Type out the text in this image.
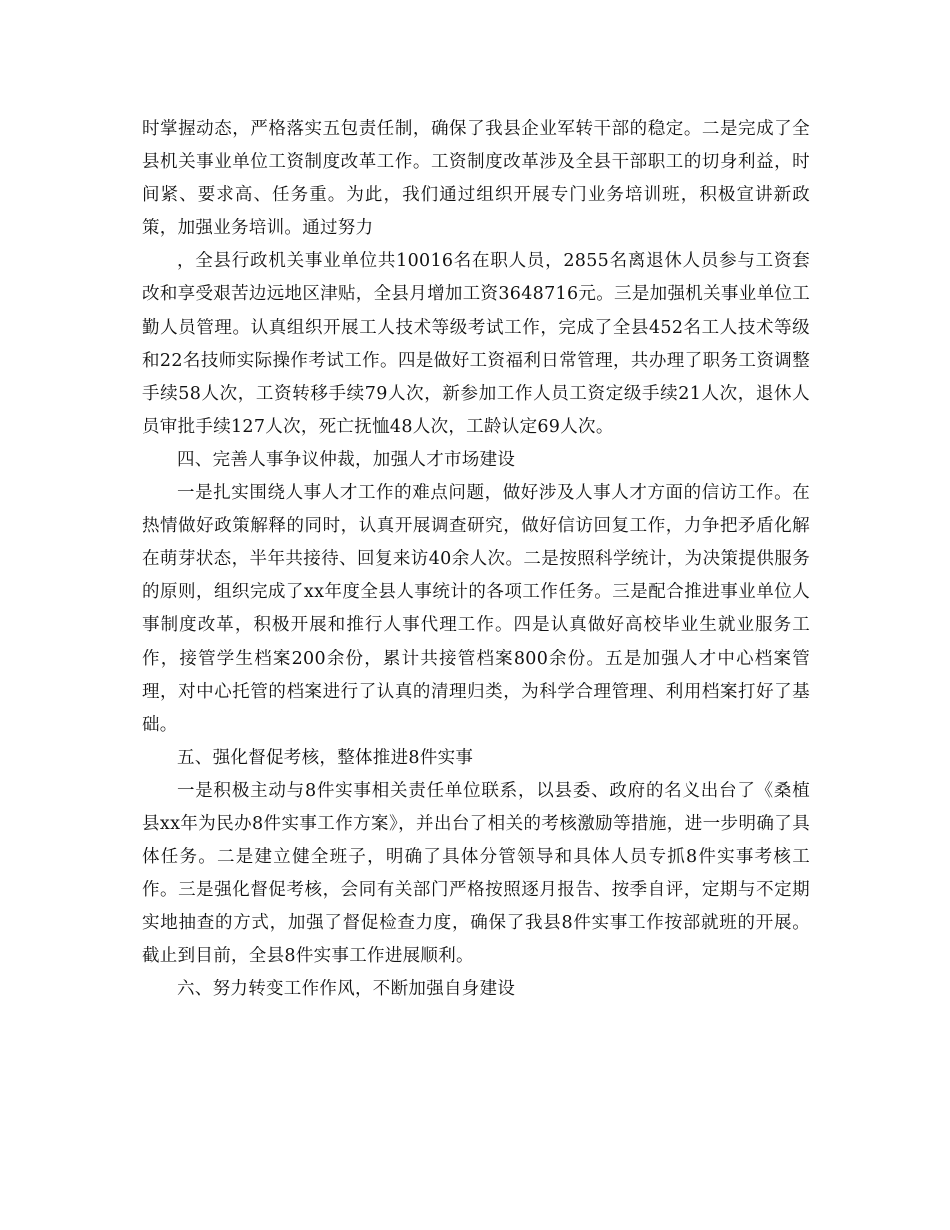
时掌握动态，严格落实五包责任制，确保了我县企业军转干部的稳定。二是完成了全县机关事业单位工资制度改革工作。工资制度改革涉及全县干部职工的切身利益，时间紧、要求高、任务重。为此，我们通过组织开展专门业务培训班，积极宣讲新政策，加强业务培训。通过努力

，全县行政机关事业单位共10016名在职人员，2855名离退休人员参与工资套改和享受艰苦边远地区津贴，全县月增加工资3648716元。三是加强机关事业单位工勤人员管理。认真组织开展工人技术等级考试工作，完成了全县452名工人技术等级和22名技师实际操作考试工作。四是做好工资福利日常管理，共办理了职务工资调整手续58人次，工资转移手续79人次，新参加工作人员工资定级手续21人次，退休人员审批手续127人次，死亡抚恤48人次，工龄认定69人次。

四、完善人事争议仲裁，加强人才市场建设

一是扎实围绕人事人才工作的难点问题，做好涉及人事人才方面的信访工作。在热情做好政策解释的同时，认真开展调查研究，做好信访回复工作，力争把矛盾化解在萌芽状态，半年共接待、回复来访40余人次。二是按照科学统计，为决策提供服务的原则，组织完成了xx年度全县人事统计的各项工作任务。三是配合推进事业单位人事制度改革，积极开展和推行人事代理工作。四是认真做好高校毕业生就业服务工作，接管学生档案200余份，累计共接管档案800余份。五是加强人才中心档案管理，对中心托管的档案进行了认真的清理归类，为科学合理管理、利用档案打好了基础。

五、强化督促考核，整体推进8件实事

一是积极主动与8件实事相关责任单位联系，以县委、政府的名义出台了《桑植县xx年为民办8件实事工作方案》，并出台了相关的考核激励等措施，进一步明确了具体任务。二是建立健全班子，明确了具体分管领导和具体人员专抓8件实事考核工作。三是强化督促考核，会同有关部门严格按照逐月报告、按季自评，定期与不定期实地抽查的方式，加强了督促检查力度，确保了我县8件实事工作按部就班的开展。截止到目前，全县8件实事工作进展顺利。

六、努力转变工作作风，不断加强自身建设
